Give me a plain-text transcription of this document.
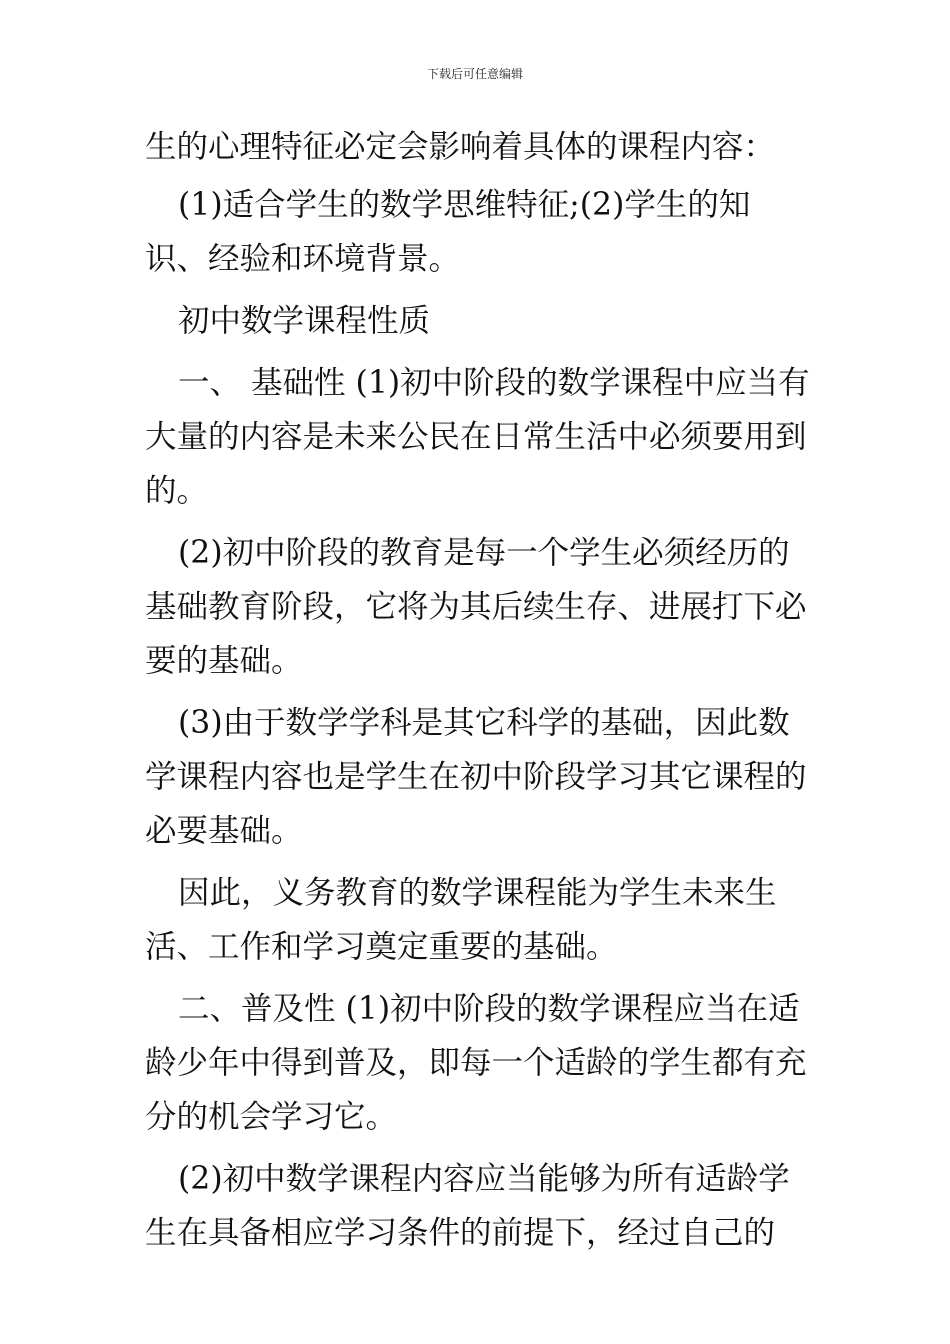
下载后可任意编辑

生的心理特征必定会影响着具体的课程内容：

(1)适合学生的数学思维特征;(2)学生的知识、经验和环境背景。

初中数学课程性质

一、 基础性 (1)初中阶段的数学课程中应当有大量的内容是未来公民在日常生活中必须要用到的。

(2)初中阶段的教育是每一个学生必须经历的基础教育阶段，它将为其后续生存、进展打下必要的基础。

(3)由于数学学科是其它科学的基础，因此数学课程内容也是学生在初中阶段学习其它课程的必要基础。

因此，义务教育的数学课程能为学生未来生活、工作和学习奠定重要的基础。

二、普及性 (1)初中阶段的数学课程应当在适龄少年中得到普及，即每一个适龄的学生都有充分的机会学习它。

(2)初中数学课程内容应当能够为所有适龄学生在具备相应学习条件的前提下，经过自己的
